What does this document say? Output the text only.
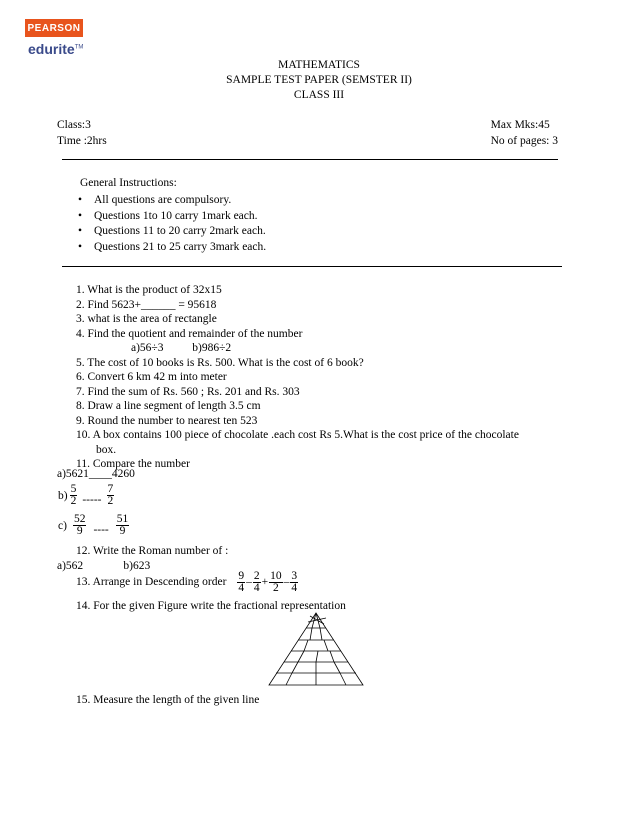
PEARSON
edurite™
MATHEMATICS
SAMPLE TEST PAPER (SEMSTER II)
CLASS III
Class:3
Time :2hrs
Max Mks:45
No of pages: 3
General Instructions:
• All questions are compulsory.
• Questions 1to 10 carry 1mark each.
• Questions 11 to 20 carry 2mark each.
• Questions 21 to 25 carry 3mark each.
1. What is the product of 32x15
2. Find 5623+______ = 95618
3. what is the area of rectangle
4. Find the quotient and remainder of the number
a)56÷3          b)986÷2
5. The cost of 10 books is Rs. 500. What is the cost of 6 book?
6. Convert 6 km 42 m into meter
7. Find the sum of Rs. 560 ; Rs. 201 and Rs. 303
8. Draw a line segment of length 3.5 cm
9. Round the number to nearest ten 523
10. A box contains 100 piece of chocolate .each cost Rs 5.What is the cost price of the chocolate
box.
11. Compare the number
a)5621____4260
$b) \frac{5}{2}$ ----- $\frac{7}{2}$
$c) \frac{52}{9}$ ---- $\frac{51}{9}$
12. Write the Roman number of :
a)562              b)623
13. Arrange in Descending order $\frac{9}{4} - \frac{2}{4} + \frac{10}{2} - \frac{3}{4}$
14. For the given Figure write the fractional representation
15. Measure the length of the given line
